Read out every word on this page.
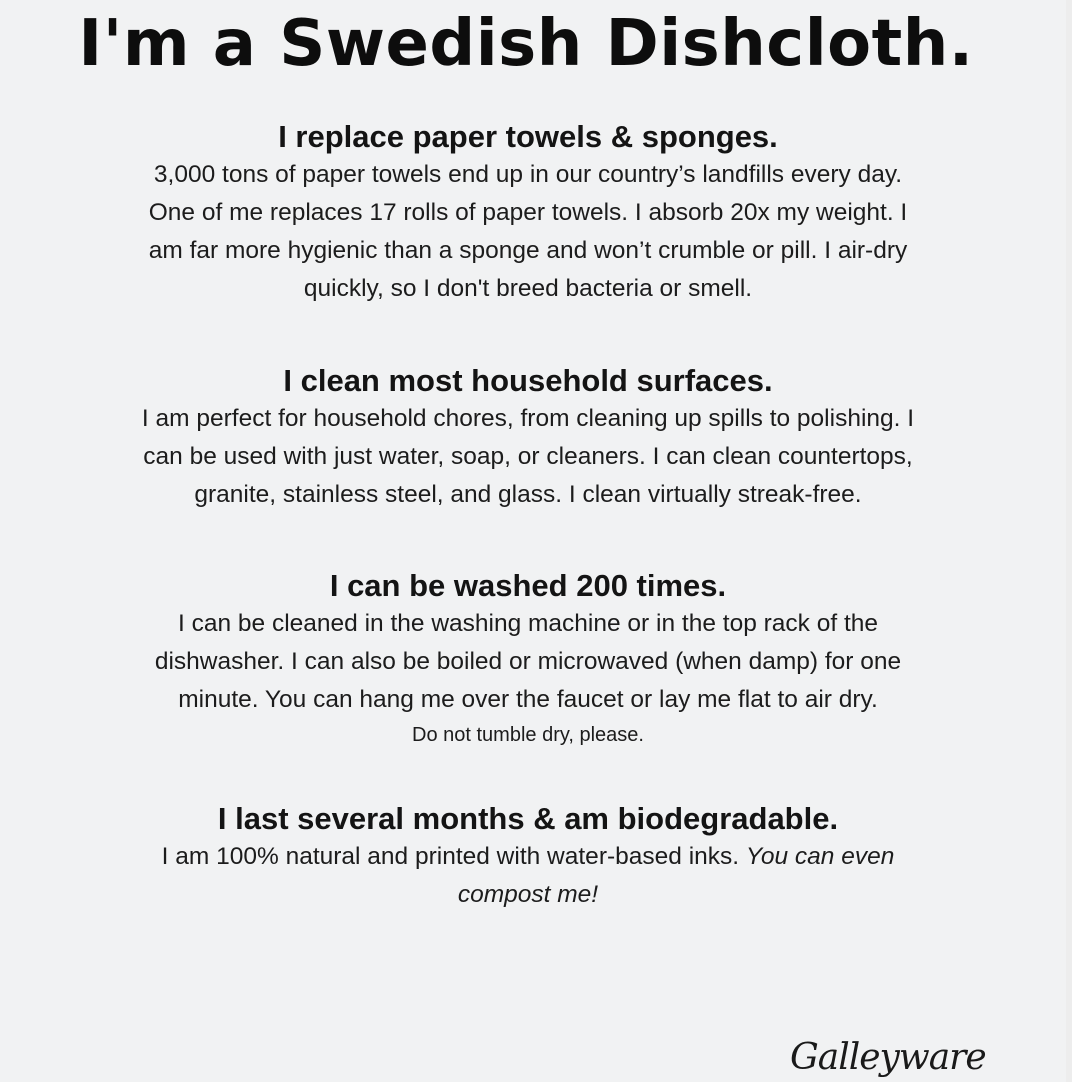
I'm a Swedish Dishcloth.
I replace paper towels & sponges.

3,000 tons of paper towels end up in our country’s landfills every day.
One of me replaces 17 rolls of paper towels. I absorb 20x my weight. I
am far more hygienic than a sponge and won’t crumble or pill. I air-dry
quickly, so I don't breed bacteria or smell.

I clean most household surfaces.

I am perfect for household chores, from cleaning up spills to polishing. I
can be used with just water, soap, or cleaners. I can clean countertops,
granite, stainless steel, and glass. I clean virtually streak-free.

I can be washed 200 times.

I can be cleaned in the washing machine or in the top rack of the
dishwasher. I can also be boiled or microwaved (when damp) for one
minute. You can hang me over the faucet or lay me flat to air dry.

Do not tumble dry, please.

I last several months & am biodegradable.

I am 100% natural and printed with water-based inks. You can even
compost me!

Galleyware
